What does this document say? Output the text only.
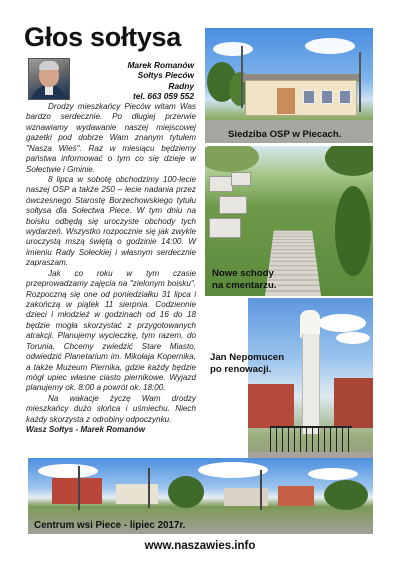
Głos sołtysa
Marek Romanów
Sołtys Pieców
Radny
tel. 663 059 552

Drodzy mieszkańcy Pieców witam Was bardzo serdecznie. Po długiej przerwie wznawiamy wydawanie naszej miejscowej gazetki pod dobrze Wam znanym tytułem "Nasza Wieś". Raz w miesiącu będziemy państwa informować o tym co się dzieje w Sołectwie i Gminie.

8 lipca w sobotę obchodzimy 100-lecie naszej OSP a także 250 – lecie nadania przez ówczesnego Starostę Borzechowskiego tytułu sołtysa dla Sołectwa Piece. W tym dniu na boisku odbędą się uroczyste obchody tych wydarzeń. Wszystko rozpocznie się jak zwykle uroczystą mszą świętą o godzinie 14:00. W imieniu Rady Sołeckiej i własnym serdecznie zapraszam.

Jak co roku w tym czasie przeprowadzamy zajęcia na "zielonym boisku". Rozpoczną się one od poniedziałku 31 lipca i zakończą w piątek 11 sierpnia. Codziennie dzieci i młodzież w godzinach od 16 do 18 będzie mogła skorzystać z przygotowanych atrakcji. Planujemy wycieczkę, tym razem, do Torunia. Chcemy zwiedzić Stare Miasto, odwiedzić Planetarium im. Mikołaja Kopernika, a także Muzeum Piernika, gdzie każdy będzie mógł upiec własne ciasto piernikowe. Wyjazd planujemy ok. 8:00 a powrót ok. 18:00.

Na wakacje życzę Wam drodzy mieszkańcy dużo słońca i uśmiechu. Niech każdy skorzysta z odrobiny odpoczynku.

Wasz Sołtys - Marek Romanów

Siedziba OSP w Piecach.
Nowe schody
na cmentarzu.
Jan Nepomucen
po renowacji.
Centrum wsi Piece - lipiec 2017r.
www.naszawies.info
